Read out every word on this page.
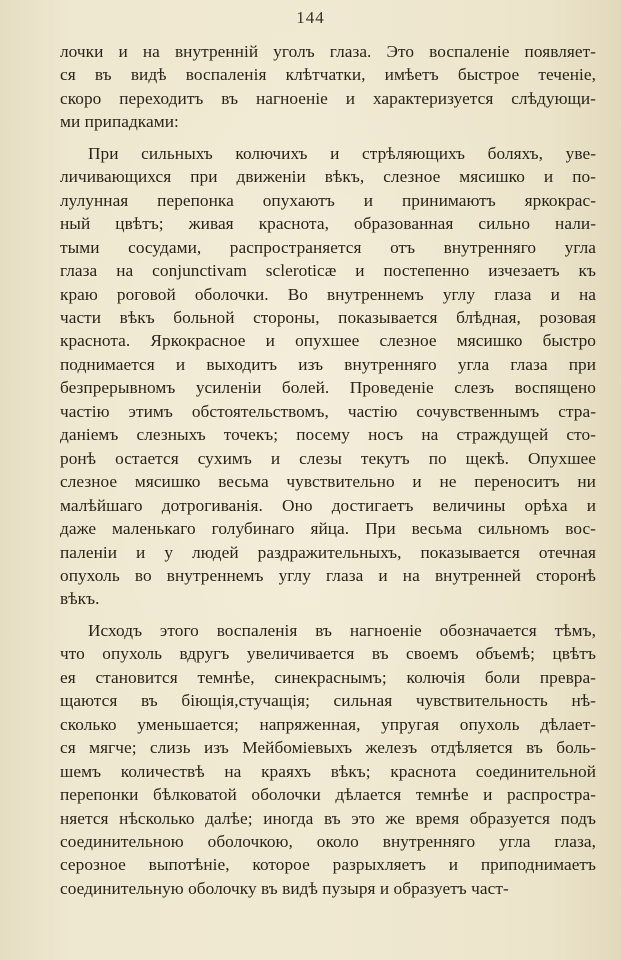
144
лочки и на внутреннiй уголъ глаза. Это воспаленiе появляет-
ся въ видѣ воспаленiя клѣтчатки, имѣетъ быстрое теченiе,
скоро переходитъ въ нагноенiе и характеризуется слѣдующи-
ми припадками:
При сильныхъ колючихъ и стрѣляющихъ боляхъ, уве-
личивающихся при движенiи вѣкъ, слезное мясишко и по-
лулунная перепонка опухаютъ и принимаютъ яркокрас-
ный цвѣтъ; живая краснота, образованная сильно нали-
тыми сосудами, распространяется отъ внутренняго угла
глаза на conjunctivam scleroticæ и постепенно изчезаетъ къ
краю роговой оболочки. Во внутреннемъ углу глаза и на
части вѣкъ больной стороны, показывается блѣдная, розовая
краснота. Яркокрасное и опухшее слезное мясишко быстро
поднимается и выходитъ изъ внутренняго угла глаза при
безпрерывномъ усиленiи болей. Проведенiе слезъ воспящено
частiю этимъ обстоятельствомъ, частiю сочувственнымъ стра-
данiемъ слезныхъ точекъ; посему носъ на страждущей сто-
ронѣ остается сухимъ и слезы текутъ по щекѣ. Опухшее
слезное мясишко весьма чувствительно и не переноситъ ни
малѣйшаго дотрогиванiя. Оно достигаетъ величины орѣха и
даже маленькаго голубинаго яйца. При весьма сильномъ вос-
паленiи и у людей раздражительныхъ, показывается отечная
опухоль во внутреннемъ углу глаза и на внутренней сторонѣ
вѣкъ.
Исходъ этого воспаленiя въ нагноенiе обозначается тѣмъ,
что опухоль вдругъ увеличивается въ своемъ объемѣ; цвѣтъ
ея становится темнѣе, синекраснымъ; колючiя боли превра-
щаются въ бiющiя,стучащiя; сильная чувствительность нѣ-
сколько уменьшается; напряженная, упругая опухоль дѣлает-
ся мягче; слизь изъ Мейбомiевыхъ железъ отдѣляется въ боль-
шемъ количествѣ на краяхъ вѣкъ; краснота соединительной
перепонки бѣлковатой оболочки дѣлается темнѣе и распростра-
няется нѣсколько далѣе; иногда въ это же время образуется подъ
соединительною оболочкою, около внутренняго угла глаза,
серозное выпотѣнiе, которое разрыхляетъ и приподнимаетъ
соединительную оболочку въ видѣ пузыря и образуетъ част-
